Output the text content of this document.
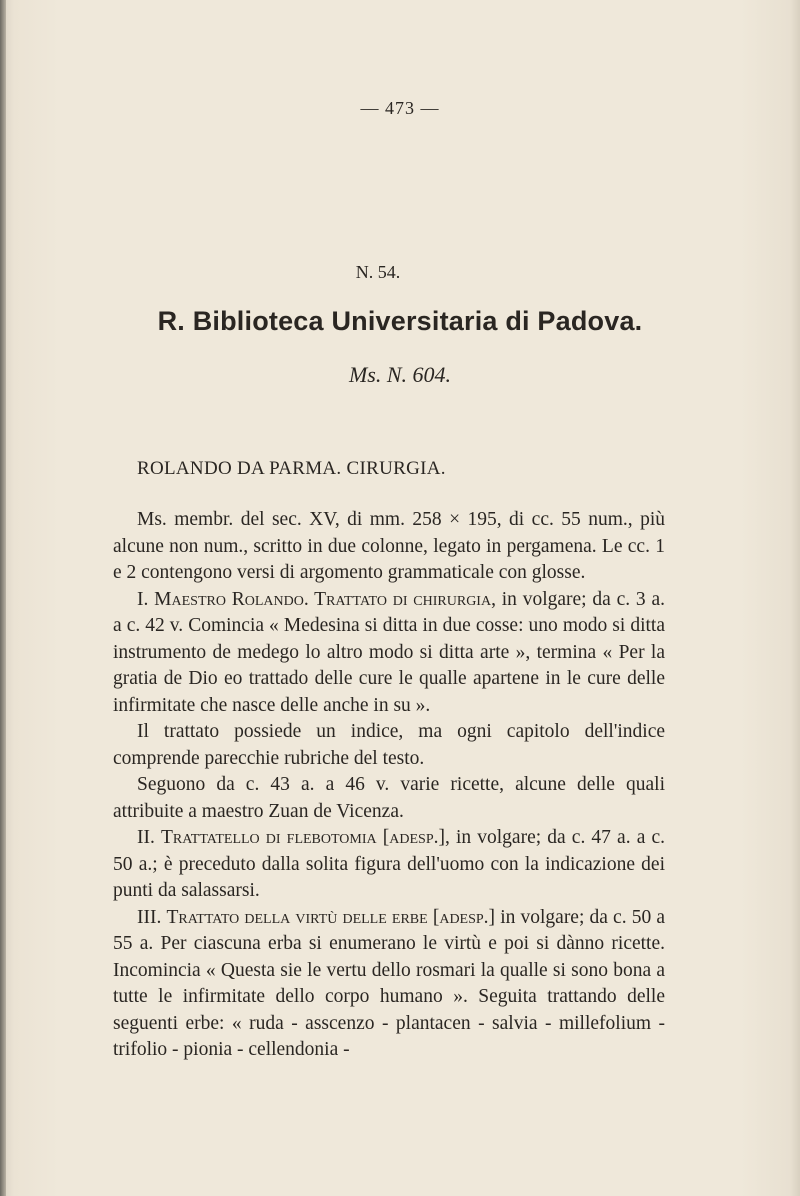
— 473 —
N. 54.
R. Biblioteca Universitaria di Padova.
Ms. N. 604.
ROLANDO DA PARMA. CIRURGIA.

Ms. membr. del sec. XV, di mm. 258 × 195, di cc. 55 num., più alcune non num., scritto in due colonne, legato in pergamena. Le cc. 1 e 2 contengono versi di argomento grammaticale con glosse.

I. Maestro Rolando. Trattato di chirurgia, in volgare; da c. 3 a. a c. 42 v. Comincia « Medesina si ditta in due cosse: uno modo si ditta instrumento de medego lo altro modo si ditta arte », termina « Per la gratia de Dio eo trattado delle cure le qualle apartene in le cure delle infirmitate che nasce delle anche in su ».

Il trattato possiede un indice, ma ogni capitolo dell'indice comprende parecchie rubriche del testo.

Seguono da c. 43 a. a 46 v. varie ricette, alcune delle quali attribuite a maestro Zuan de Vicenza.

II. Trattatello di flebotomia [adesp.], in volgare; da c. 47 a. a c. 50 a.; è preceduto dalla solita figura dell'uomo con la indicazione dei punti da salassarsi.

III. Trattato della virtù delle erbe [adesp.] in volgare; da c. 50 a 55 a. Per ciascuna erba si enumerano le virtù e poi si dànno ricette. Incomincia « Questa sie le vertu dello rosmari la qualle si sono bona a tutte le infirmitate dello corpo humano ». Seguita trattando delle seguenti erbe: « ruda - asscenzo - plantacen - salvia - millefolium - trifolio - pionia - cellendonia -
